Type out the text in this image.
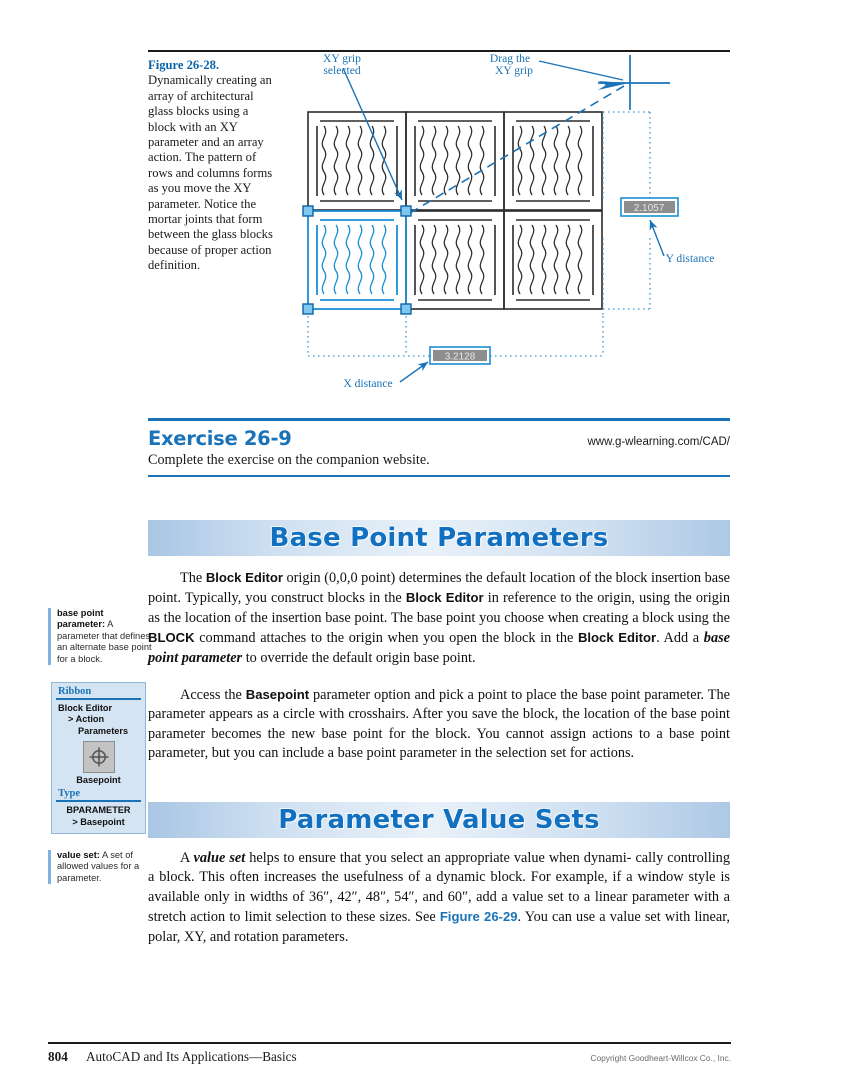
Figure 26-28. Dynamically creating an array of architectural glass blocks using a block with an XY parameter and an array action. The pattern of rows and columns forms as you move the XY parameter. Notice the mortar joints that form between the glass blocks because of proper action definition.
3.2128
2.1057
XY grip
selected
Drag the
XY grip
Y distance
X distance
Exercise 26-9	www.g-wlearning.com/CAD/
Complete the exercise on the companion website.
Base Point Parameters

The Block Editor origin (0,0,0 point) determines the default location of the block insertion base point. Typically, you construct blocks in the Block Editor in reference to the origin, using the origin as the location of the insertion base point. The base point you choose when creating a block using the BLOCK command attaches to the origin when you open the block in the Block Editor. Add a base point parameter to override the default origin base point.

Access the Basepoint parameter option and pick a point to place the base point parameter. The parameter appears as a circle with crosshairs. After you save the block, the location of the base point parameter becomes the new base point for the block. You cannot assign actions to a base point parameter, but you can include a base point parameter in the selection set for actions.

Parameter Value Sets

A value set helps to ensure that you select an appropriate value when dynami- cally controlling a block. This often increases the usefulness of a dynamic block. For example, if a window style is available only in widths of 36″, 42″, 48″, 54″, and 60″, add a value set to a linear parameter with a stretch action to limit selection to these sizes. See Figure 26-29. You can use a value set with linear, polar, XY, and rotation parameters.

base point parameter: A parameter that defines an alternate base point for a block.
value set: A set of allowed values for a parameter.
Ribbon
Block Editor
> Action
Parameters
Basepoint
Type
BPARAMETER
> Basepoint
804	AutoCAD and Its Applications—Basics	Copyright Goodheart-Willcox Co., Inc.
